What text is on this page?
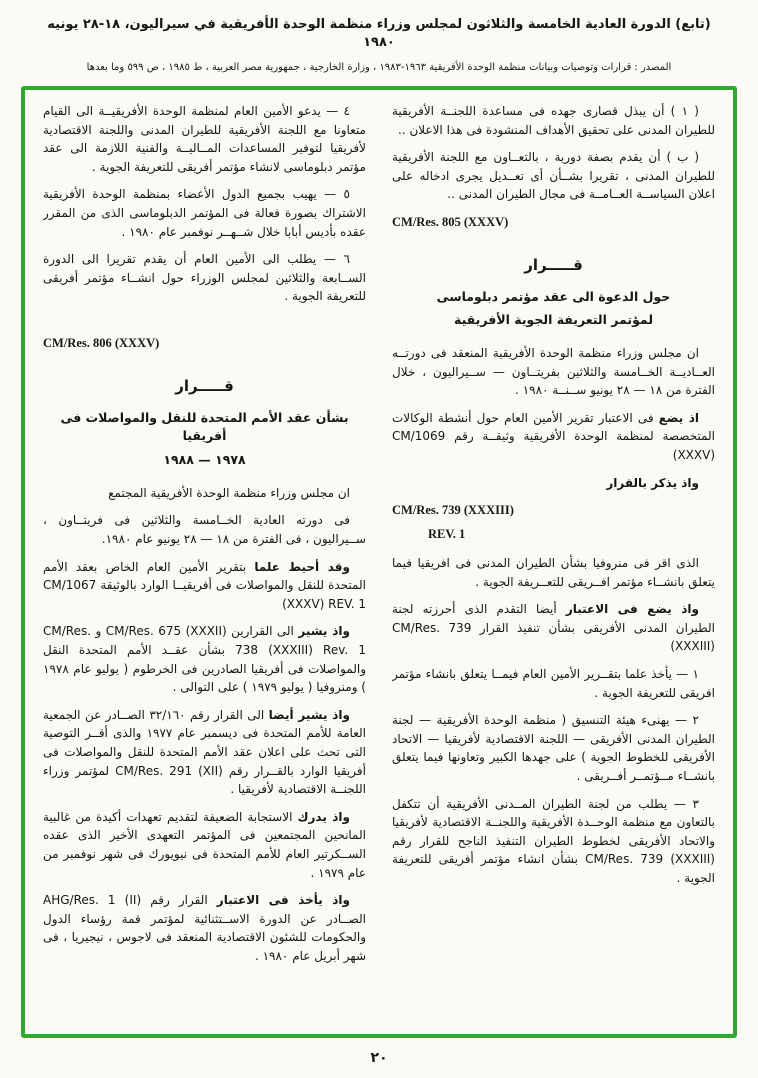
(تابع) الدورة العادية الخامسة والثلاثون لمجلس وزراء منظمة الوحدة الأفريقية في سيراليون، ١٨-٢٨ يونيه ١٩٨٠
المصدر : قرارات وتوصيات وبيانات منظمة الوحدة الأفريقية ١٩٦٣-١٩٨٣ ، وزارة الخارجية ، جمهورية مصر العربية ، ط ١٩٨٥ ، ص ٥٩٩ وما بعدها

( ١ ) أن يبذل قصارى جهده فى مساعدة اللجنــة الأفريقية للطيران المدنى على تحقيق الأهداف المنشودة فى هذا الاعلان ..

( ب ) أن يقدم بصفة دورية ، بالتعــاون مع اللجنة الأفريقية للطيران المدنى ، تقريرا بشــأن أى تعــديل يجرى ادخاله على اعلان السياســة العــامــة فى مجال الطيران المدنى ..

CM/Res. 805 (XXXV)
قـــــرار
حول الدعوة الى عقد مؤتمر دبلوماسى
لمؤتمر التعريفة الجوية الأفريقية

ان مجلس وزراء منظمة الوحدة الأفريقية المنعقد فى دورتــه العــاديــة الخــامسة والثلاثين بفريتــاون — ســيراليون ، خلال الفترة من ١٨ — ٢٨ يونيو ســنــة ١٩٨٠ .

اذ يضع فى الاعتبار تقرير الأمين العام حول أنشطة الوكالات المتخصصة لمنظمة الوحدة الأفريقية وثيقــة رقم CM/1069 (XXXV)

واذ يذكر بالقرار

CM/Res. 739 (XXXIII)
REV. 1

الذى اقر فى منروفيا بشأن الطيران المدنى فى افريقيا فيما يتعلق بانشــاء مؤتمر افــريقى للتعــريفة الجوية .

واذ يضع فى الاعتبار أيضا التقدم الذى أحرزته لجنة الطيران المدنى الأفريقى بشأن تنفيذ القرار CM/Res. 739 (XXXIII)

١ — يأخذ علما بتقــرير الأمين العام فيمــا يتعلق بانشاء مؤتمر افريقى للتعريفة الجوية .

٢ — يهنىء هيئة التنسيق ( منظمة الوحدة الأفريقية — لجنة الطيران المدنى الأفريقى — اللجنة الاقتصادية لأفريقيا — الاتحاد الأفريقى للخطوط الجوية ) على جهدها الكبير وتعاونها فيما يتعلق بانشــاء مــؤتمــر أفــريقى .

٣ — يطلب من لجنة الطيران المــدنى الأفريقية أن تتكفل بالتعاون مع منظمة الوحــدة الأفريقية واللجنــة الاقتصادية لأفريقيا والاتحاد الأفريقى لخطوط الطيران التنفيذ الناجح للقرار رقم CM/Res. 739 (XXXIII) بشأن انشاء مؤتمر أفريقى للتعريفة الجوية .

٤ — يدعو الأمين العام لمنظمة الوحدة الأفريقيــة الى القيام متعاونا مع اللجنة الأفريقية للطيران المدنى واللجنة الاقتصادية لأفريقيا لتوفير المساعدات المــاليــة والفنية اللازمة الى عقد مؤتمر دبلوماسى لانشاء مؤتمر أفريقى للتعريفة الجوية .

٥ — يهيب بجميع الدول الأعضاء بمنظمة الوحدة الأفريقية الاشتراك بصورة فعالة فى المؤتمر الدبلوماسى الذى من المقرر عقده بأديس أبابا خلال شــهــر نوفمبر عام ١٩٨٠ .

٦ — يطلب الى الأمين العام أن يقدم تقريرا الى الدورة الســابعة والثلاثين لمجلس الوزراء حول انشــاء مؤتمر أفريقى للتعريفة الجوية .

CM/Res. 806 (XXXV)
قـــــرار
بشأن عقد الأمم المتحدة للنقل والمواصلات فى أفريقيا
١٩٧٨ — ١٩٨٨

ان مجلس وزراء منظمة الوحدة الأفريقية المجتمع

فى دورته العادية الخــامسة والثلاثين فى فريتــاون ، ســيراليون ، فى الفترة من ١٨ — ٢٨ يونيو عام ١٩٨٠.

وقد أحيط علما بتقرير الأمين العام الخاص بعقد الأمم المتحدة للنقل والمواصلات فى أفريقيــا الوارد بالوثيقة CM/1067 (XXXV) REV. 1

واذ يشير الى القرارين CM/Res. 675 (XXXII) و CM/Res. 738 (XXXIII) Rev. 1 بشأن عقــد الأمم المتحدة النقل والمواصلات فى أفريقيا الصادرين فى الخرطوم ( يوليو عام ١٩٧٨ ) ومنروفيا ( يوليو ١٩٧٩ ) على التوالى .

واذ يشير أيضا الى القرار رقم ٣٢/١٦٠ الصــادر عن الجمعية العامة للأمم المتحدة فى ديسمبر عام ١٩٧٧ والذى أقــر التوصية التى تحث على اعلان عقد الأمم المتحدة للنقل والمواصلات فى أفريقيا الوارد بالقــرار رقم CM/Res. 291 (XII) لمؤتمر وزراء اللجنــة الاقتصادية لأفريقيا .

واذ يدرك الاستجابة الضعيفة لتقديم تعهدات أكيدة من غالبية المانحين المجتمعين فى المؤتمر التعهدى الأخير الذى عقده الســكرتير العام للأمم المتحدة فى نيويورك فى شهر نوفمبر من عام ١٩٧٩ .

واذ يأخذ فى الاعتبار القرار رقم AHG/Res. 1 (II) الصــادر عن الدورة الاســتثنائية لمؤتمر قمة رؤساء الدول والحكومات للشئون الاقتصادية المنعقد فى لاجوس ، نيجيريا ، فى شهر أبريل عام ١٩٨٠ .

٢٠
